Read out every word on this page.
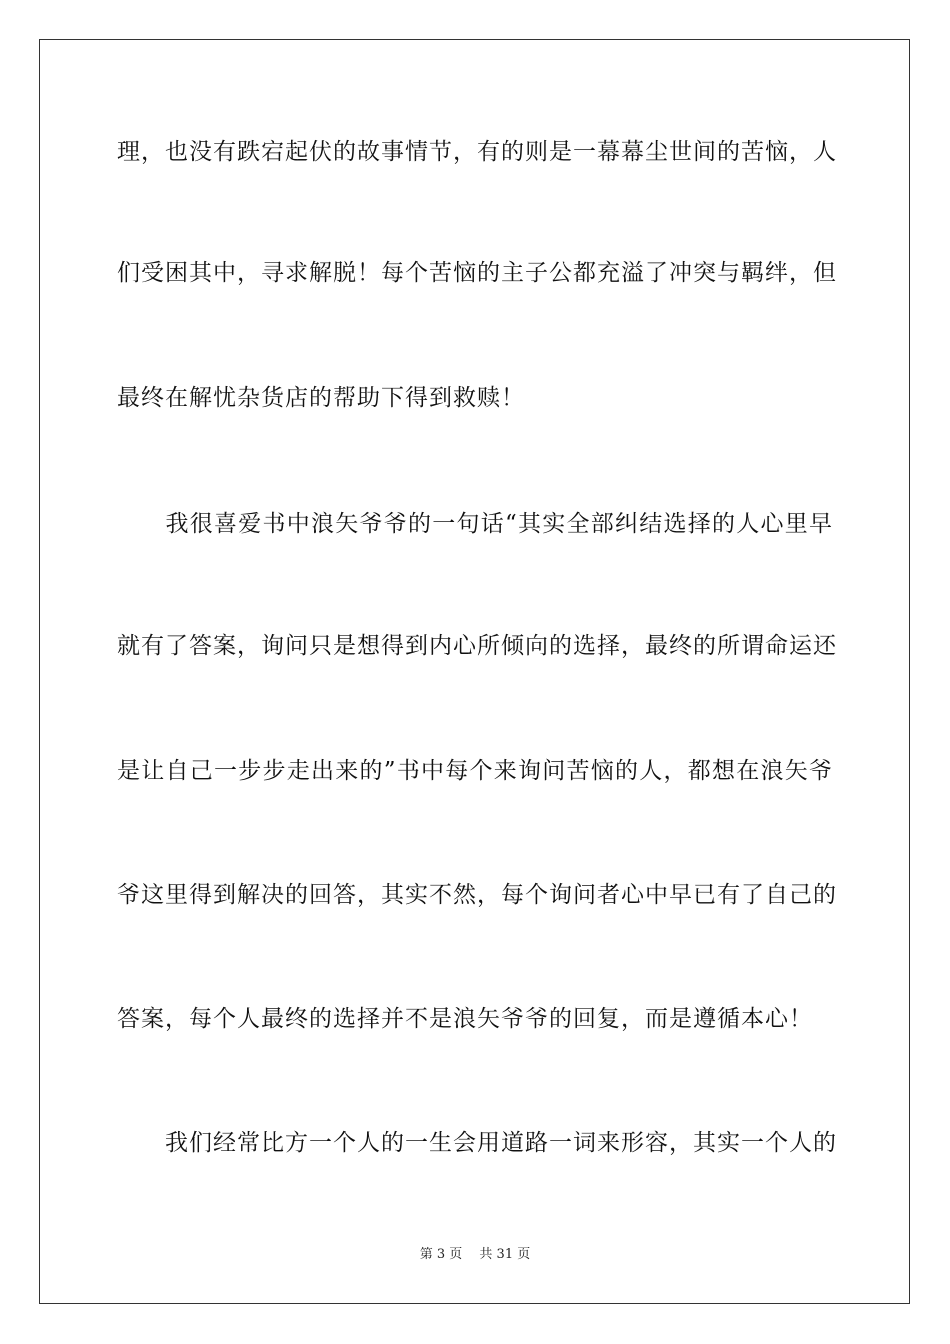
理，也没有跌宕起伏的故事情节，有的则是一幕幕尘世间的苦恼，人
们受困其中，寻求解脱！每个苦恼的主子公都充溢了冲突与羁绊，但
最终在解忧杂货店的帮助下得到救赎！
　　我很喜爱书中浪矢爷爷的一句话“其实全部纠结选择的人心里早
就有了答案，询问只是想得到内心所倾向的选择，最终的所谓命运还
是让自己一步步走出来的”书中每个来询问苦恼的人，都想在浪矢爷
爷这里得到解决的回答，其实不然，每个询问者心中早已有了自己的
答案，每个人最终的选择并不是浪矢爷爷的回复，而是遵循本心！
　　我们经常比方一个人的一生会用道路一词来形容，其实一个人的
第 3 页　 共 31 页
